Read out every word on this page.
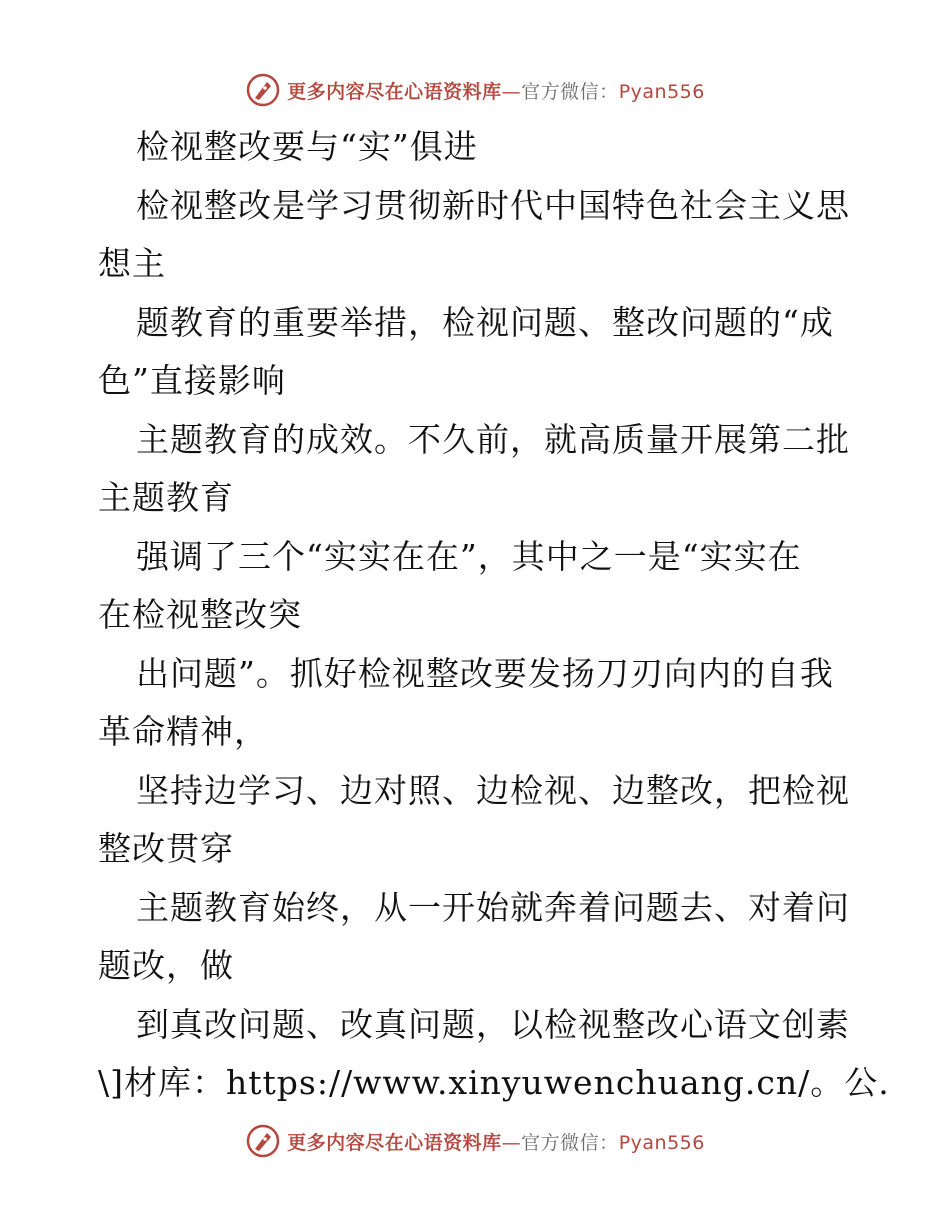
更多内容尽在心语资料库—官方微信：Pyan556
检视整改要与“实”俱进
检视整改是学习贯彻新时代中国特色社会主义思
想主
题教育的重要举措，检视问题、整改问题的“成
色”直接影响
主题教育的成效。不久前，就高质量开展第二批
主题教育
强调了三个“实实在在”，其中之一是“实实在
在检视整改突
出问题”。抓好检视整改要发扬刀刃向内的自我
革命精神，
坚持边学习、边对照、边检视、边整改，把检视
整改贯穿
主题教育始终，从一开始就奔着问题去、对着问
题改，做
到真改问题、改真问题，以检视整改心语文创素
\]材库：https://www.xinyuwenchuang.cn/。公.
更多内容尽在心语资料库—官方微信：Pyan556
